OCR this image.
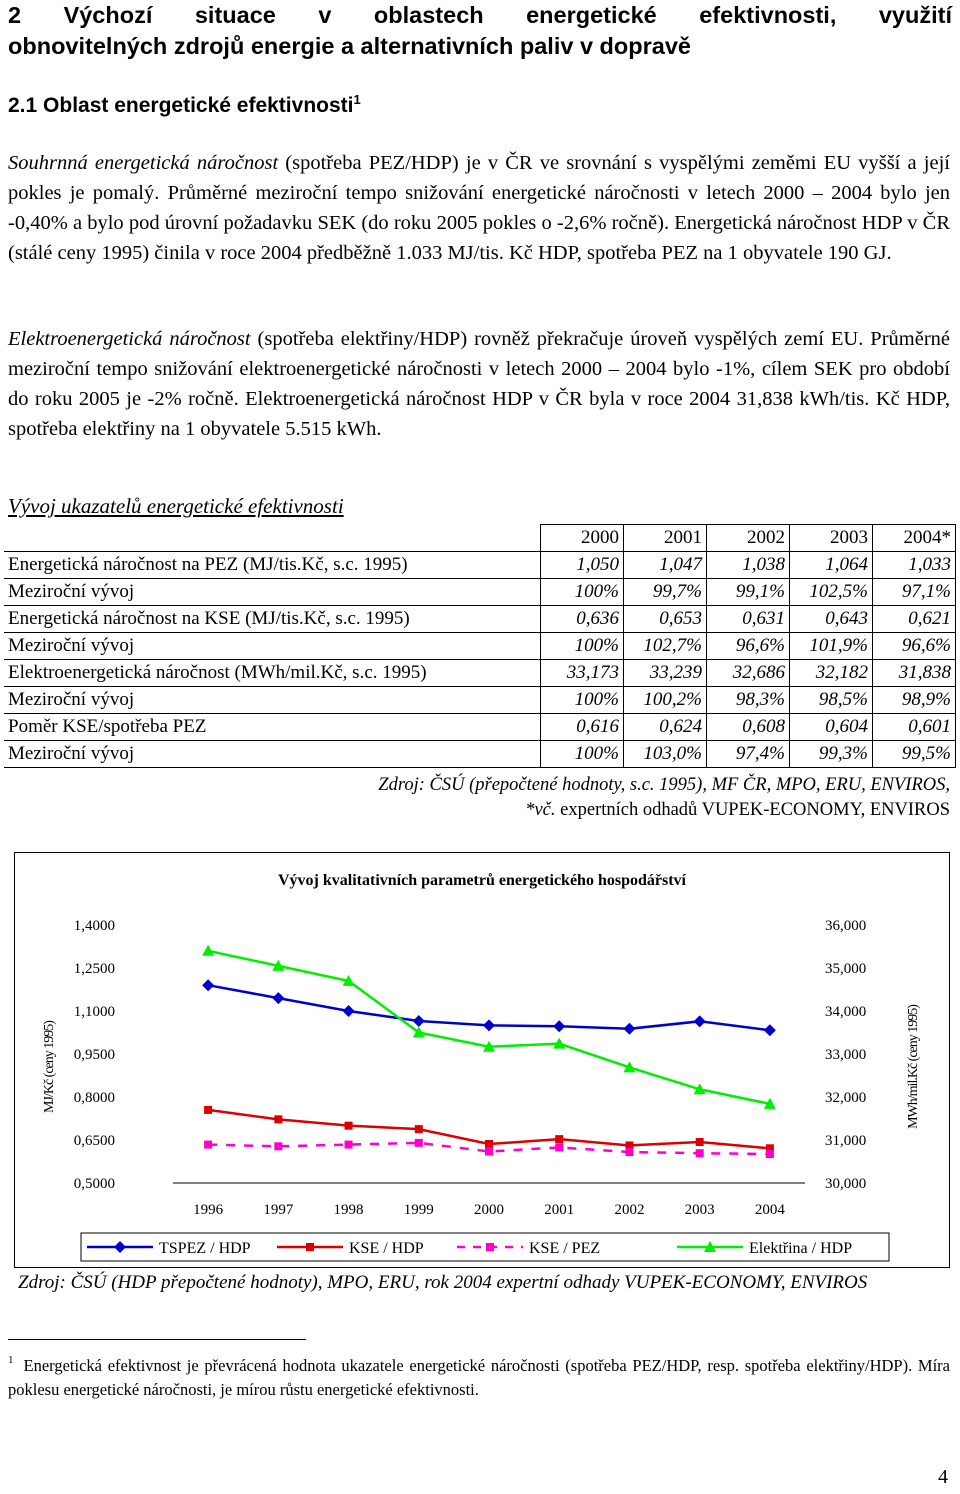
2 Výchozí situace v oblastech energetické efektivnosti, využití
obnovitelných zdrojů energie a alternativních paliv v dopravě
2.1 Oblast energetické efektivnosti$^1$
Souhrnná energetická náročnost (spotřeba PEZ/HDP) je v ČR ve srovnání s vyspělými zeměmi EU vyšší a její pokles je pomalý. Průměrné meziroční tempo snižování energetické náročnosti v letech 2000 – 2004 bylo jen -0,40% a bylo pod úrovní požadavku SEK (do roku 2005 pokles o -2,6% ročně). Energetická náročnost HDP v ČR (stálé ceny 1995) činila v roce 2004 předběžně 1.033 MJ/tis. Kč HDP, spotřeba PEZ na 1 obyvatele 190 GJ.
Elektroenergetická náročnost (spotřeba elektřiny/HDP) rovněž překračuje úroveň vyspělých zemí EU. Průměrné meziroční tempo snižování elektroenergetické náročnosti v letech 2000 – 2004 bylo -1%, cílem SEK pro období do roku 2005 je -2% ročně. Elektroenergetická náročnost HDP v ČR byla v roce 2004 31,838 kWh/tis. Kč HDP, spotřeba elektřiny na 1 obyvatele 5.515 kWh.
Vývoj ukazatelů energetické efektivnosti
	2000	2001	2002	2003	2004*
Energetická náročnost na PEZ (MJ/tis.Kč, s.c. 1995)	1,050	1,047	1,038	1,064	1,033
Meziroční vývoj	100%	99,7%	99,1%	102,5%	97,1%
Energetická náročnost na KSE (MJ/tis.Kč, s.c. 1995)	0,636	0,653	0,631	0,643	0,621
Meziroční vývoj	100%	102,7%	96,6%	101,9%	96,6%
Elektroenergetická náročnost (MWh/mil.Kč, s.c. 1995)	33,173	33,239	32,686	32,182	31,838
Meziroční vývoj	100%	100,2%	98,3%	98,5%	98,9%
Poměr KSE/spotřeba PEZ	0,616	0,624	0,608	0,604	0,601
Meziroční vývoj	100%	103,0%	97,4%	99,3%	99,5%
Zdroj: ČSÚ (přepočtené hodnoty, s.c. 1995), MF ČR, MPO, ERU, ENVIROS,
*vč. expertních odhadů VUPEK-ECONOMY, ENVIROS
Vývoj kvalitativních parametrů energetického hospodářství
MJ/Kč (ceny 1995)	MWh/mil.Kč (ceny 1995)
0,5000
0,6500
0,8000
0,9500
1,1000
1,2500
1,4000
30,000
31,000
32,000
33,000
34,000
35,000
36,000
1996	1997	1998	1999	2000	2001	2002	2003	2004
TSPEZ / HDP	KSE / HDP	KSE / PEZ	Elektřina / HDP
Zdroj: ČSÚ (HDP přepočtené hodnoty), MPO, ERU, rok 2004 expertní odhady VUPEK-ECONOMY, ENVIROS
$^1$ Energetická efektivnost je převrácená hodnota ukazatele energetické náročnosti (spotřeba PEZ/HDP, resp. spotřeba elektřiny/HDP). Míra poklesu energetické náročnosti, je mírou růstu energetické efektivnosti.
4
